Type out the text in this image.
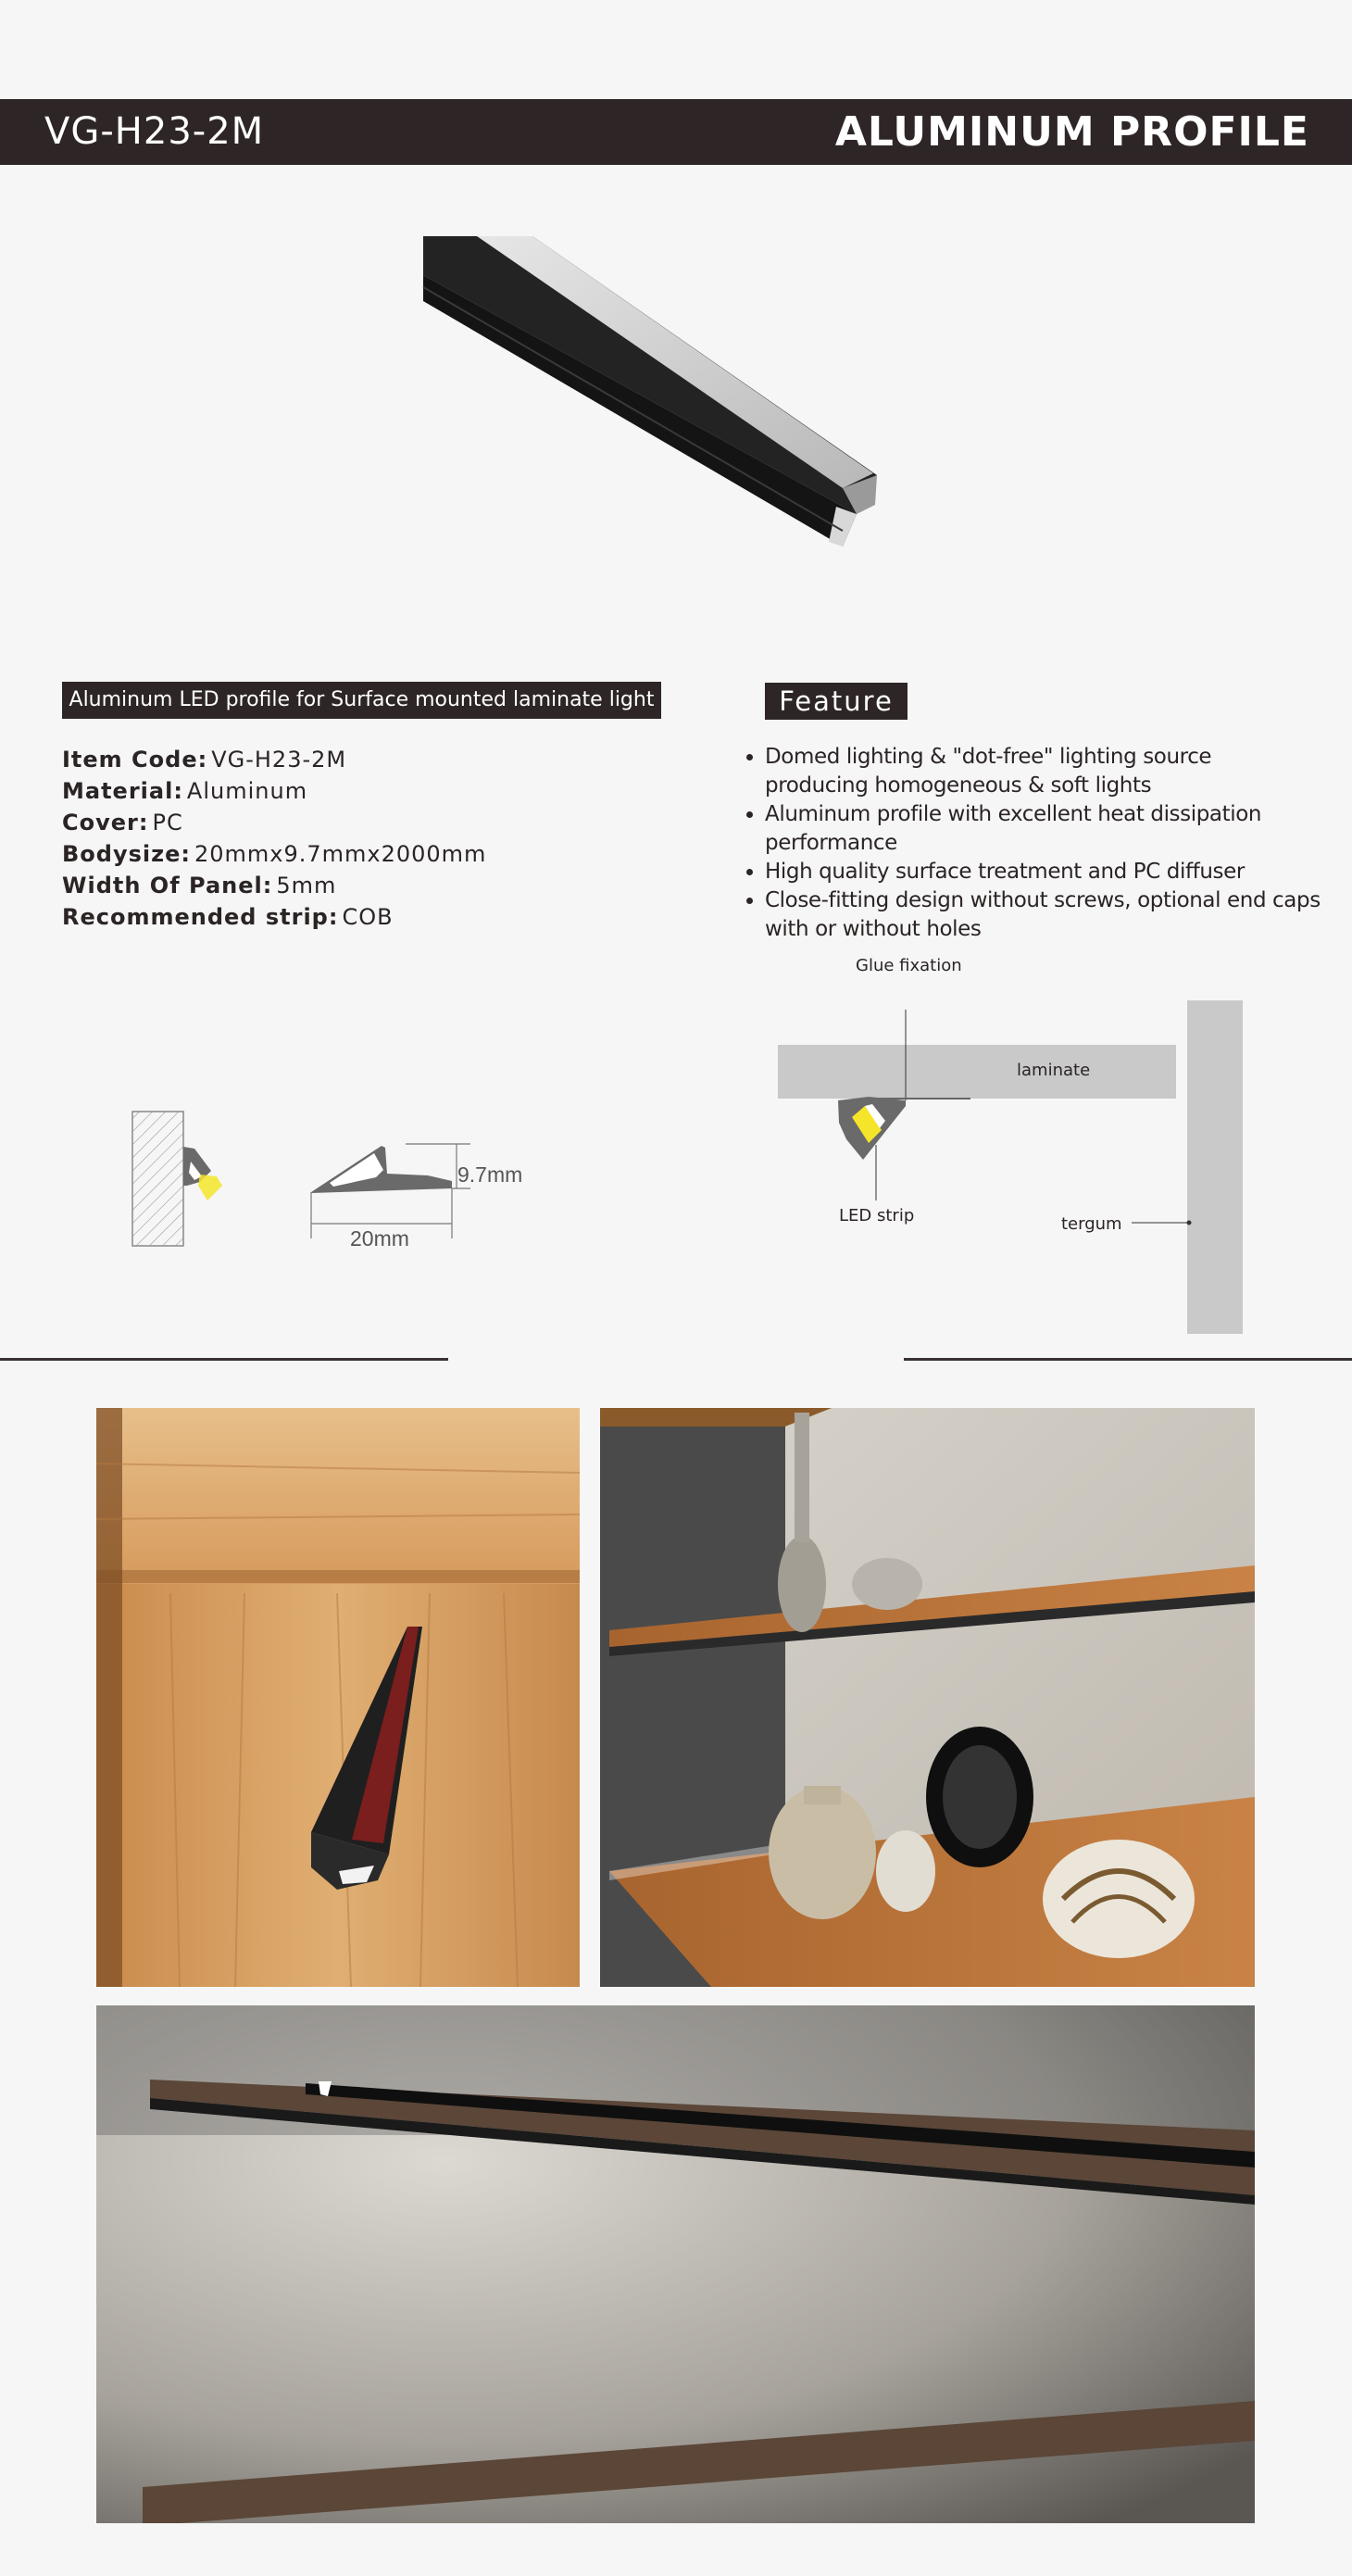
VG-H23-2M	ALUMINUM PROFILE
Aluminum LED profile for Surface mounted laminate light	Feature
Item Code: VG-H23-2M
Material: Aluminum
Cover: PC
Bodysize: 20mmx9.7mmx2000mm
Width Of Panel: 5mm
Recommended strip: COB
• Domed lighting & "dot-free" lighting source producing homogeneous & soft lights
• Aluminum profile with excellent heat dissipation performance
• High quality surface treatment and PC diffuser
• Close-fitting design without screws, optional end caps with or without holes
9.7mm
20mm
Glue fixation
laminate
LED strip	tergum
